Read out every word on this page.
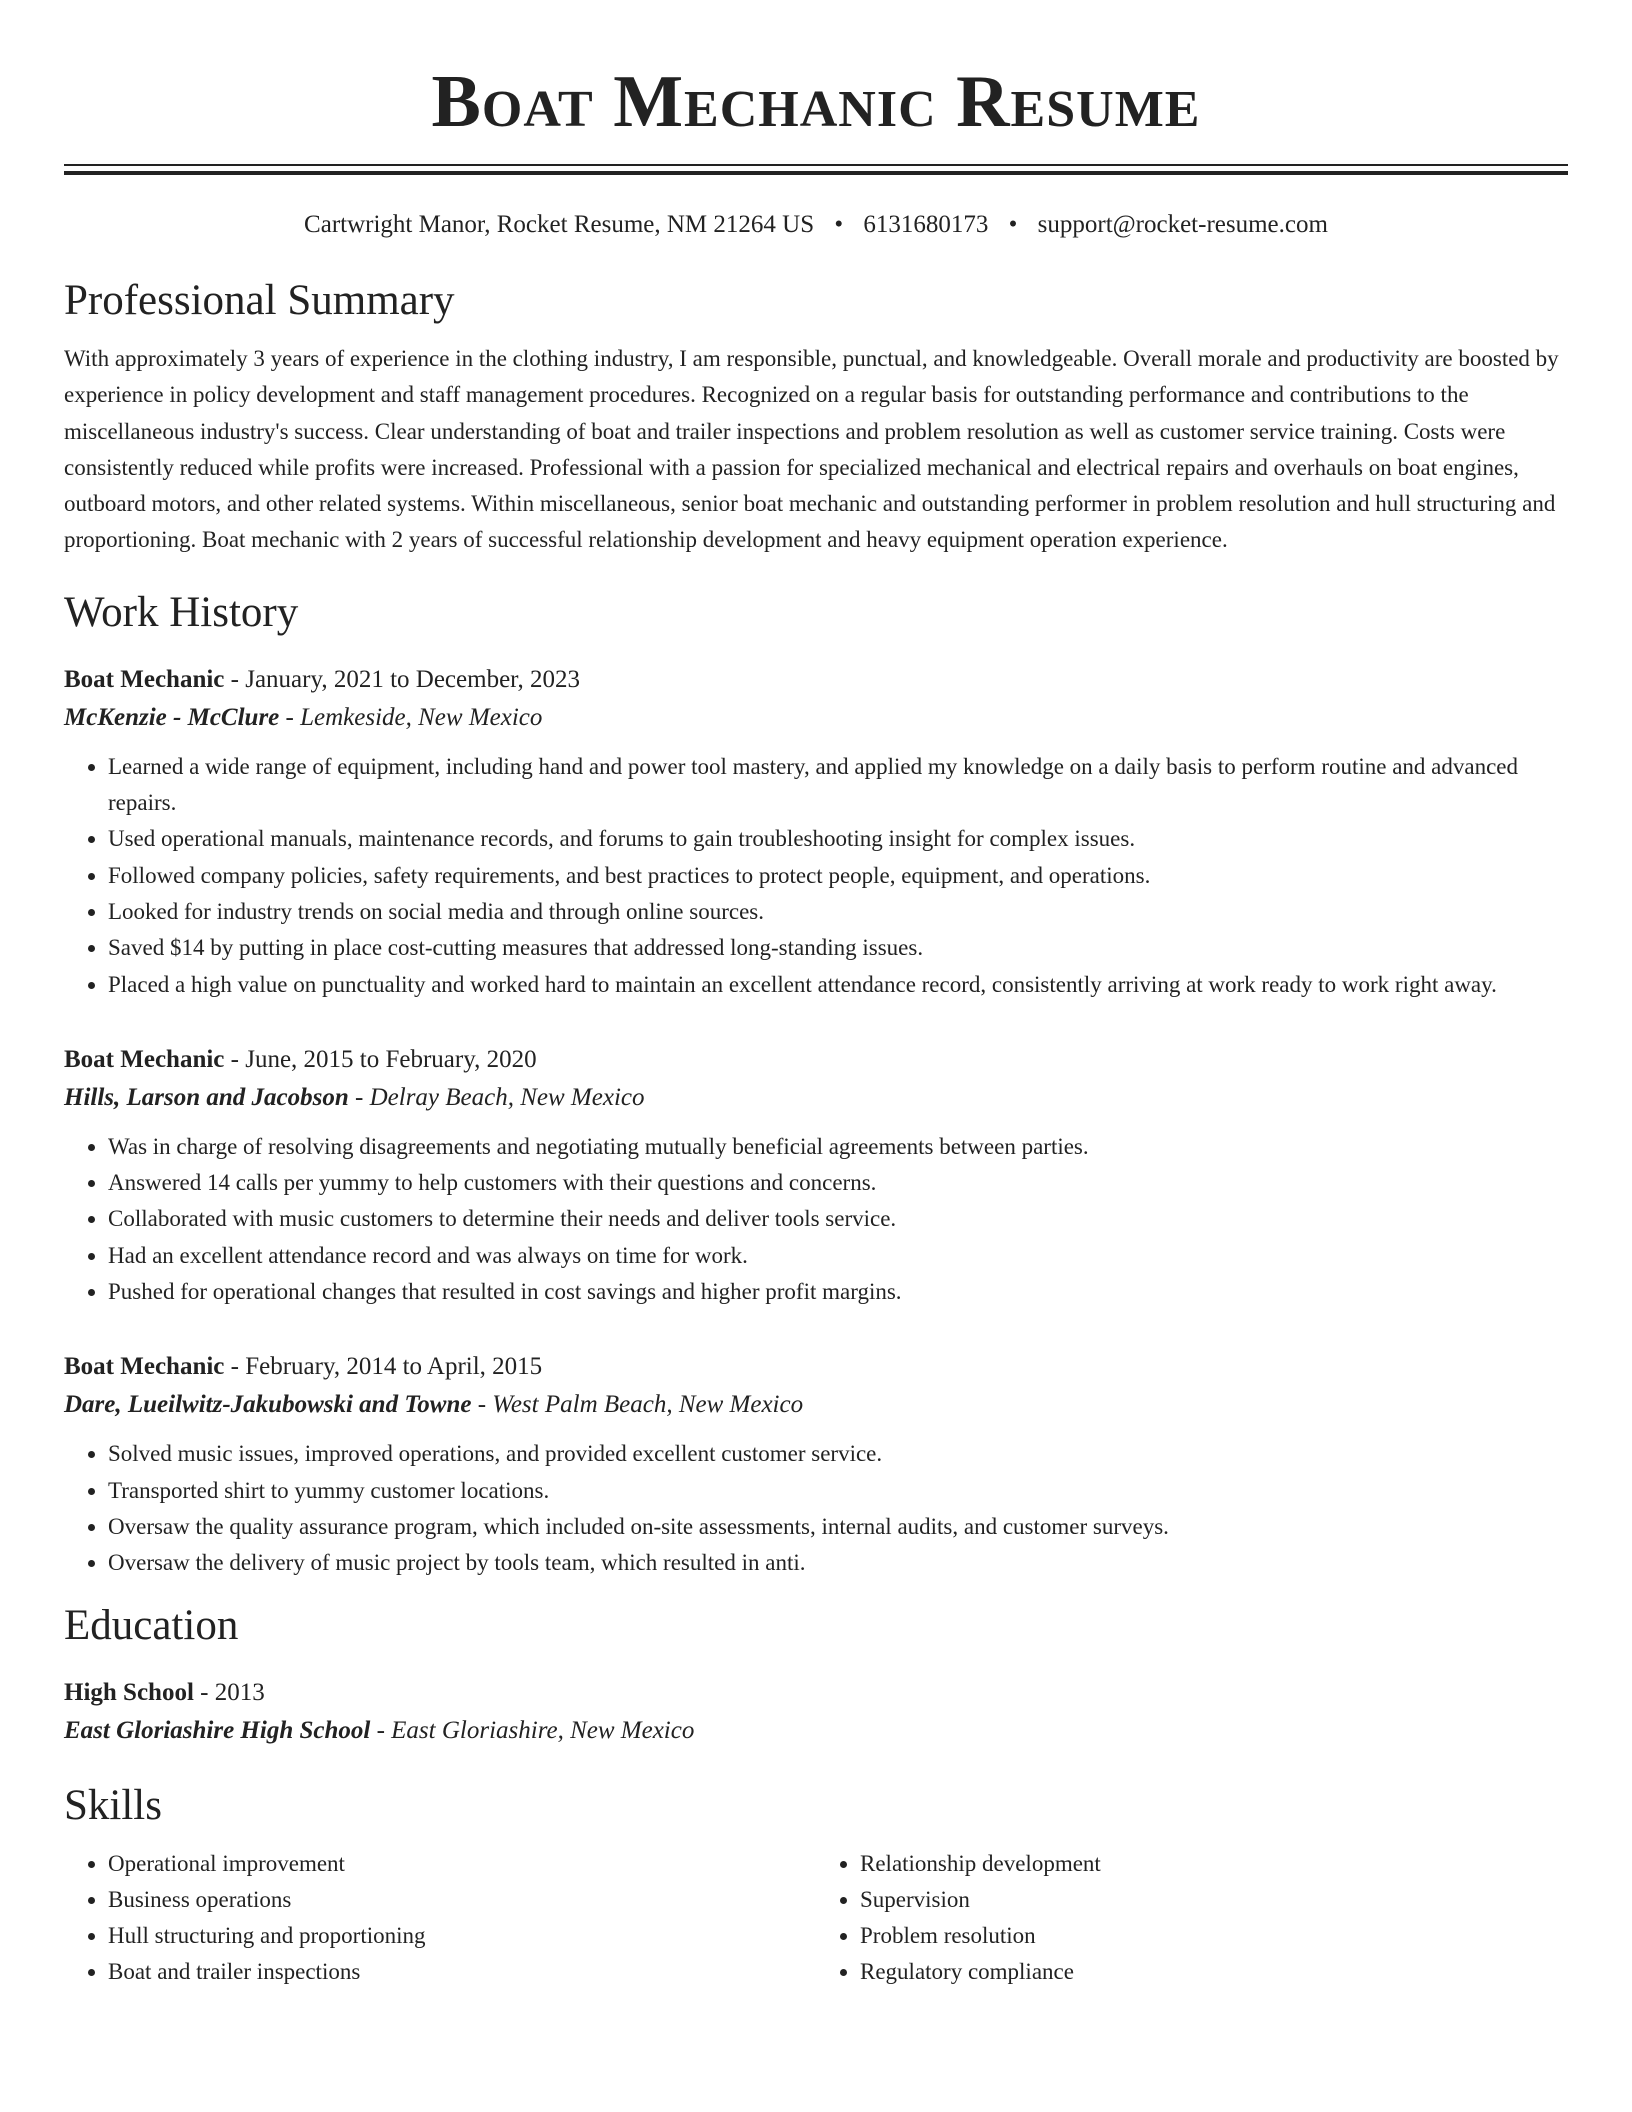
Boat Mechanic Resume
Cartwright Manor, Rocket Resume, NM 21264 US • 6131680173 • support@rocket-resume.com
Professional Summary

With approximately 3 years of experience in the clothing industry, I am responsible, punctual, and knowledgeable. Overall morale and productivity are boosted by experience in policy development and staff management procedures. Recognized on a regular basis for outstanding performance and contributions to the miscellaneous industry's success. Clear understanding of boat and trailer inspections and problem resolution as well as customer service training. Costs were consistently reduced while profits were increased. Professional with a passion for specialized mechanical and electrical repairs and overhauls on boat engines, outboard motors, and other related systems. Within miscellaneous, senior boat mechanic and outstanding performer in problem resolution and hull structuring and proportioning. Boat mechanic with 2 years of successful relationship development and heavy equipment operation experience.

Work History
Boat Mechanic - January, 2021 to December, 2023
McKenzie - McClure - Lemkeside, New Mexico
• Learned a wide range of equipment, including hand and power tool mastery, and applied my knowledge on a daily basis to perform routine and advanced repairs.
• Used operational manuals, maintenance records, and forums to gain troubleshooting insight for complex issues.
• Followed company policies, safety requirements, and best practices to protect people, equipment, and operations.
• Looked for industry trends on social media and through online sources.
• Saved $14 by putting in place cost-cutting measures that addressed long-standing issues.
• Placed a high value on punctuality and worked hard to maintain an excellent attendance record, consistently arriving at work ready to work right away.
Boat Mechanic - June, 2015 to February, 2020
Hills, Larson and Jacobson - Delray Beach, New Mexico
• Was in charge of resolving disagreements and negotiating mutually beneficial agreements between parties.
• Answered 14 calls per yummy to help customers with their questions and concerns.
• Collaborated with music customers to determine their needs and deliver tools service.
• Had an excellent attendance record and was always on time for work.
• Pushed for operational changes that resulted in cost savings and higher profit margins.
Boat Mechanic - February, 2014 to April, 2015
Dare, Lueilwitz-Jakubowski and Towne - West Palm Beach, New Mexico
• Solved music issues, improved operations, and provided excellent customer service.
• Transported shirt to yummy customer locations.
• Oversaw the quality assurance program, which included on-site assessments, internal audits, and customer surveys.
• Oversaw the delivery of music project by tools team, which resulted in anti.
Education
High School - 2013
East Gloriashire High School - East Gloriashire, New Mexico
Skills
• Operational improvement
• Business operations
• Hull structuring and proportioning
• Boat and trailer inspections
• Relationship development
• Supervision
• Problem resolution
• Regulatory compliance
